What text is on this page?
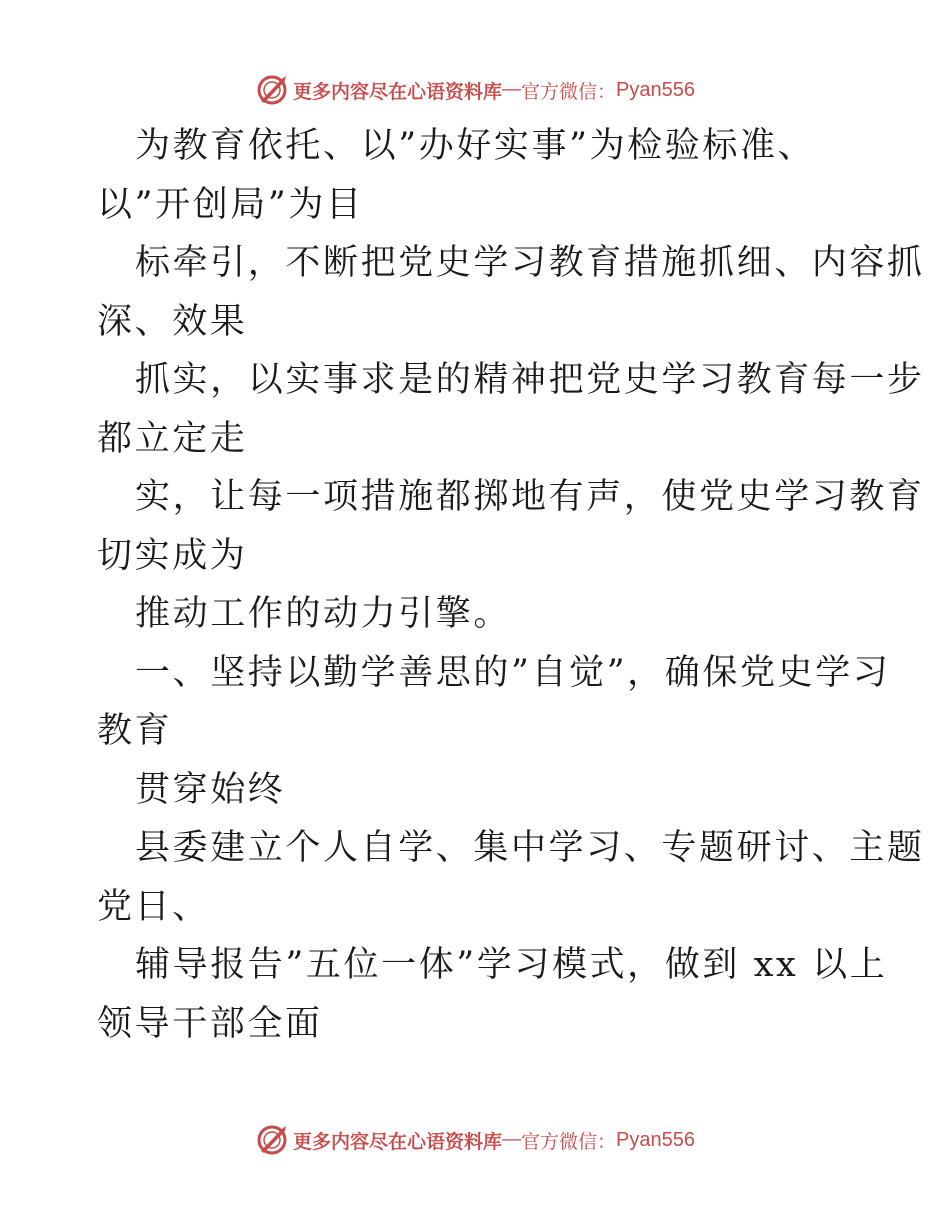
更多内容尽在心语资料库 — 官方微信： Pyan556
为教育依托、以”办好实事”为检验标准、
以”开创局”为目
标牵引，不断把党史学习教育措施抓细、内容抓
深、效果
抓实，以实事求是的精神把党史学习教育每一步
都立定走
实，让每一项措施都掷地有声，使党史学习教育
切实成为
推动工作的动力引擎。
一、坚持以勤学善思的”自觉”，确保党史学习
教育
贯穿始终
县委建立个人自学、集中学习、专题研讨、主题
党日、
辅导报告”五位一体”学习模式，做到 xx 以上
领导干部全面
更多内容尽在心语资料库 — 官方微信： Pyan556
